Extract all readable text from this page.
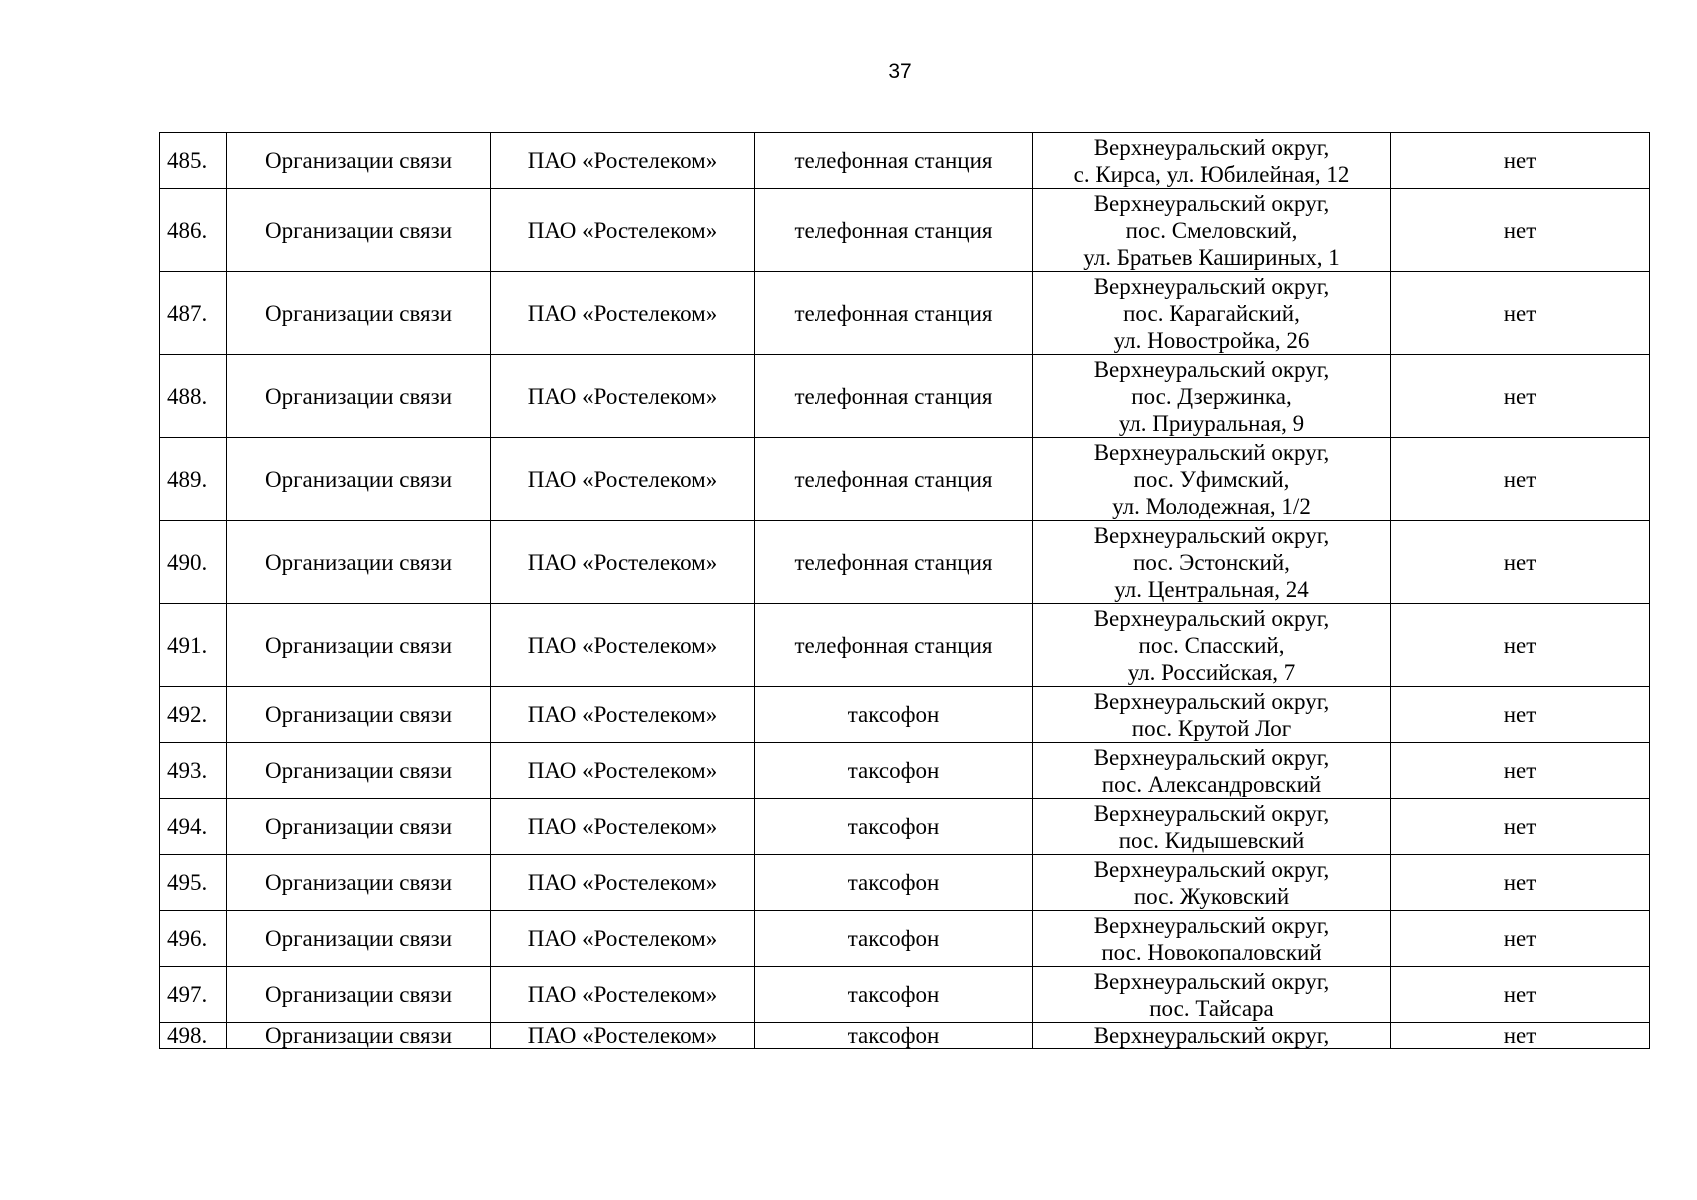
37
485.	Организации связи	ПАО «Ростелеком»	телефонная станция	Верхнеуральский округ,
с. Кирса, ул. Юбилейная, 12	нет
486.	Организации связи	ПАО «Ростелеком»	телефонная станция	Верхнеуральский округ,
пос. Смеловский,
ул. Братьев Кашириных, 1	нет
487.	Организации связи	ПАО «Ростелеком»	телефонная станция	Верхнеуральский округ,
пос. Карагайский,
ул. Новостройка, 26	нет
488.	Организации связи	ПАО «Ростелеком»	телефонная станция	Верхнеуральский округ,
пос. Дзержинка,
ул. Приуральная, 9	нет
489.	Организации связи	ПАО «Ростелеком»	телефонная станция	Верхнеуральский округ,
пос. Уфимский,
ул. Молодежная, 1/2	нет
490.	Организации связи	ПАО «Ростелеком»	телефонная станция	Верхнеуральский округ,
пос. Эстонский,
ул. Центральная, 24	нет
491.	Организации связи	ПАО «Ростелеком»	телефонная станция	Верхнеуральский округ,
пос. Спасский,
ул. Российская, 7	нет
492.	Организации связи	ПАО «Ростелеком»	таксофон	Верхнеуральский округ,
пос. Крутой Лог	нет
493.	Организации связи	ПАО «Ростелеком»	таксофон	Верхнеуральский округ,
пос. Александровский	нет
494.	Организации связи	ПАО «Ростелеком»	таксофон	Верхнеуральский округ,
пос. Кидышевский	нет
495.	Организации связи	ПАО «Ростелеком»	таксофон	Верхнеуральский округ,
пос. Жуковский	нет
496.	Организации связи	ПАО «Ростелеком»	таксофон	Верхнеуральский округ,
пос. Новокопаловский	нет
497.	Организации связи	ПАО «Ростелеком»	таксофон	Верхнеуральский округ,
пос. Тайсара	нет
498.	Организации связи	ПАО «Ростелеком»	таксофон	Верхнеуральский округ,	нет
